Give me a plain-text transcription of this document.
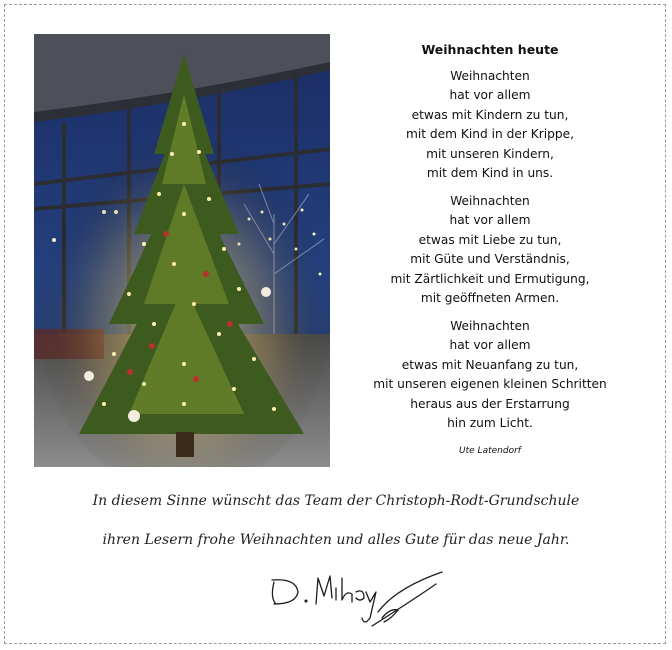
Weihnachten heute
Weihnachten
hat vor allem
etwas mit Kindern zu tun,
mit dem Kind in der Krippe,
mit unseren Kindern,
mit dem Kind in uns.
Weihnachten
hat vor allem
etwas mit Liebe zu tun,
mit Güte und Verständnis,
mit Zärtlichkeit und Ermutigung,
mit geöffneten Armen.
Weihnachten
hat vor allem
etwas mit Neuanfang zu tun,
mit unseren eigenen kleinen Schritten
heraus aus der Erstarrung
hin zum Licht.
Ute Latendorf
In diesem Sinne wünscht das Team der Christoph-Rodt-Grundschule
ihren Lesern frohe Weihnachten und alles Gute für das neue Jahr.
